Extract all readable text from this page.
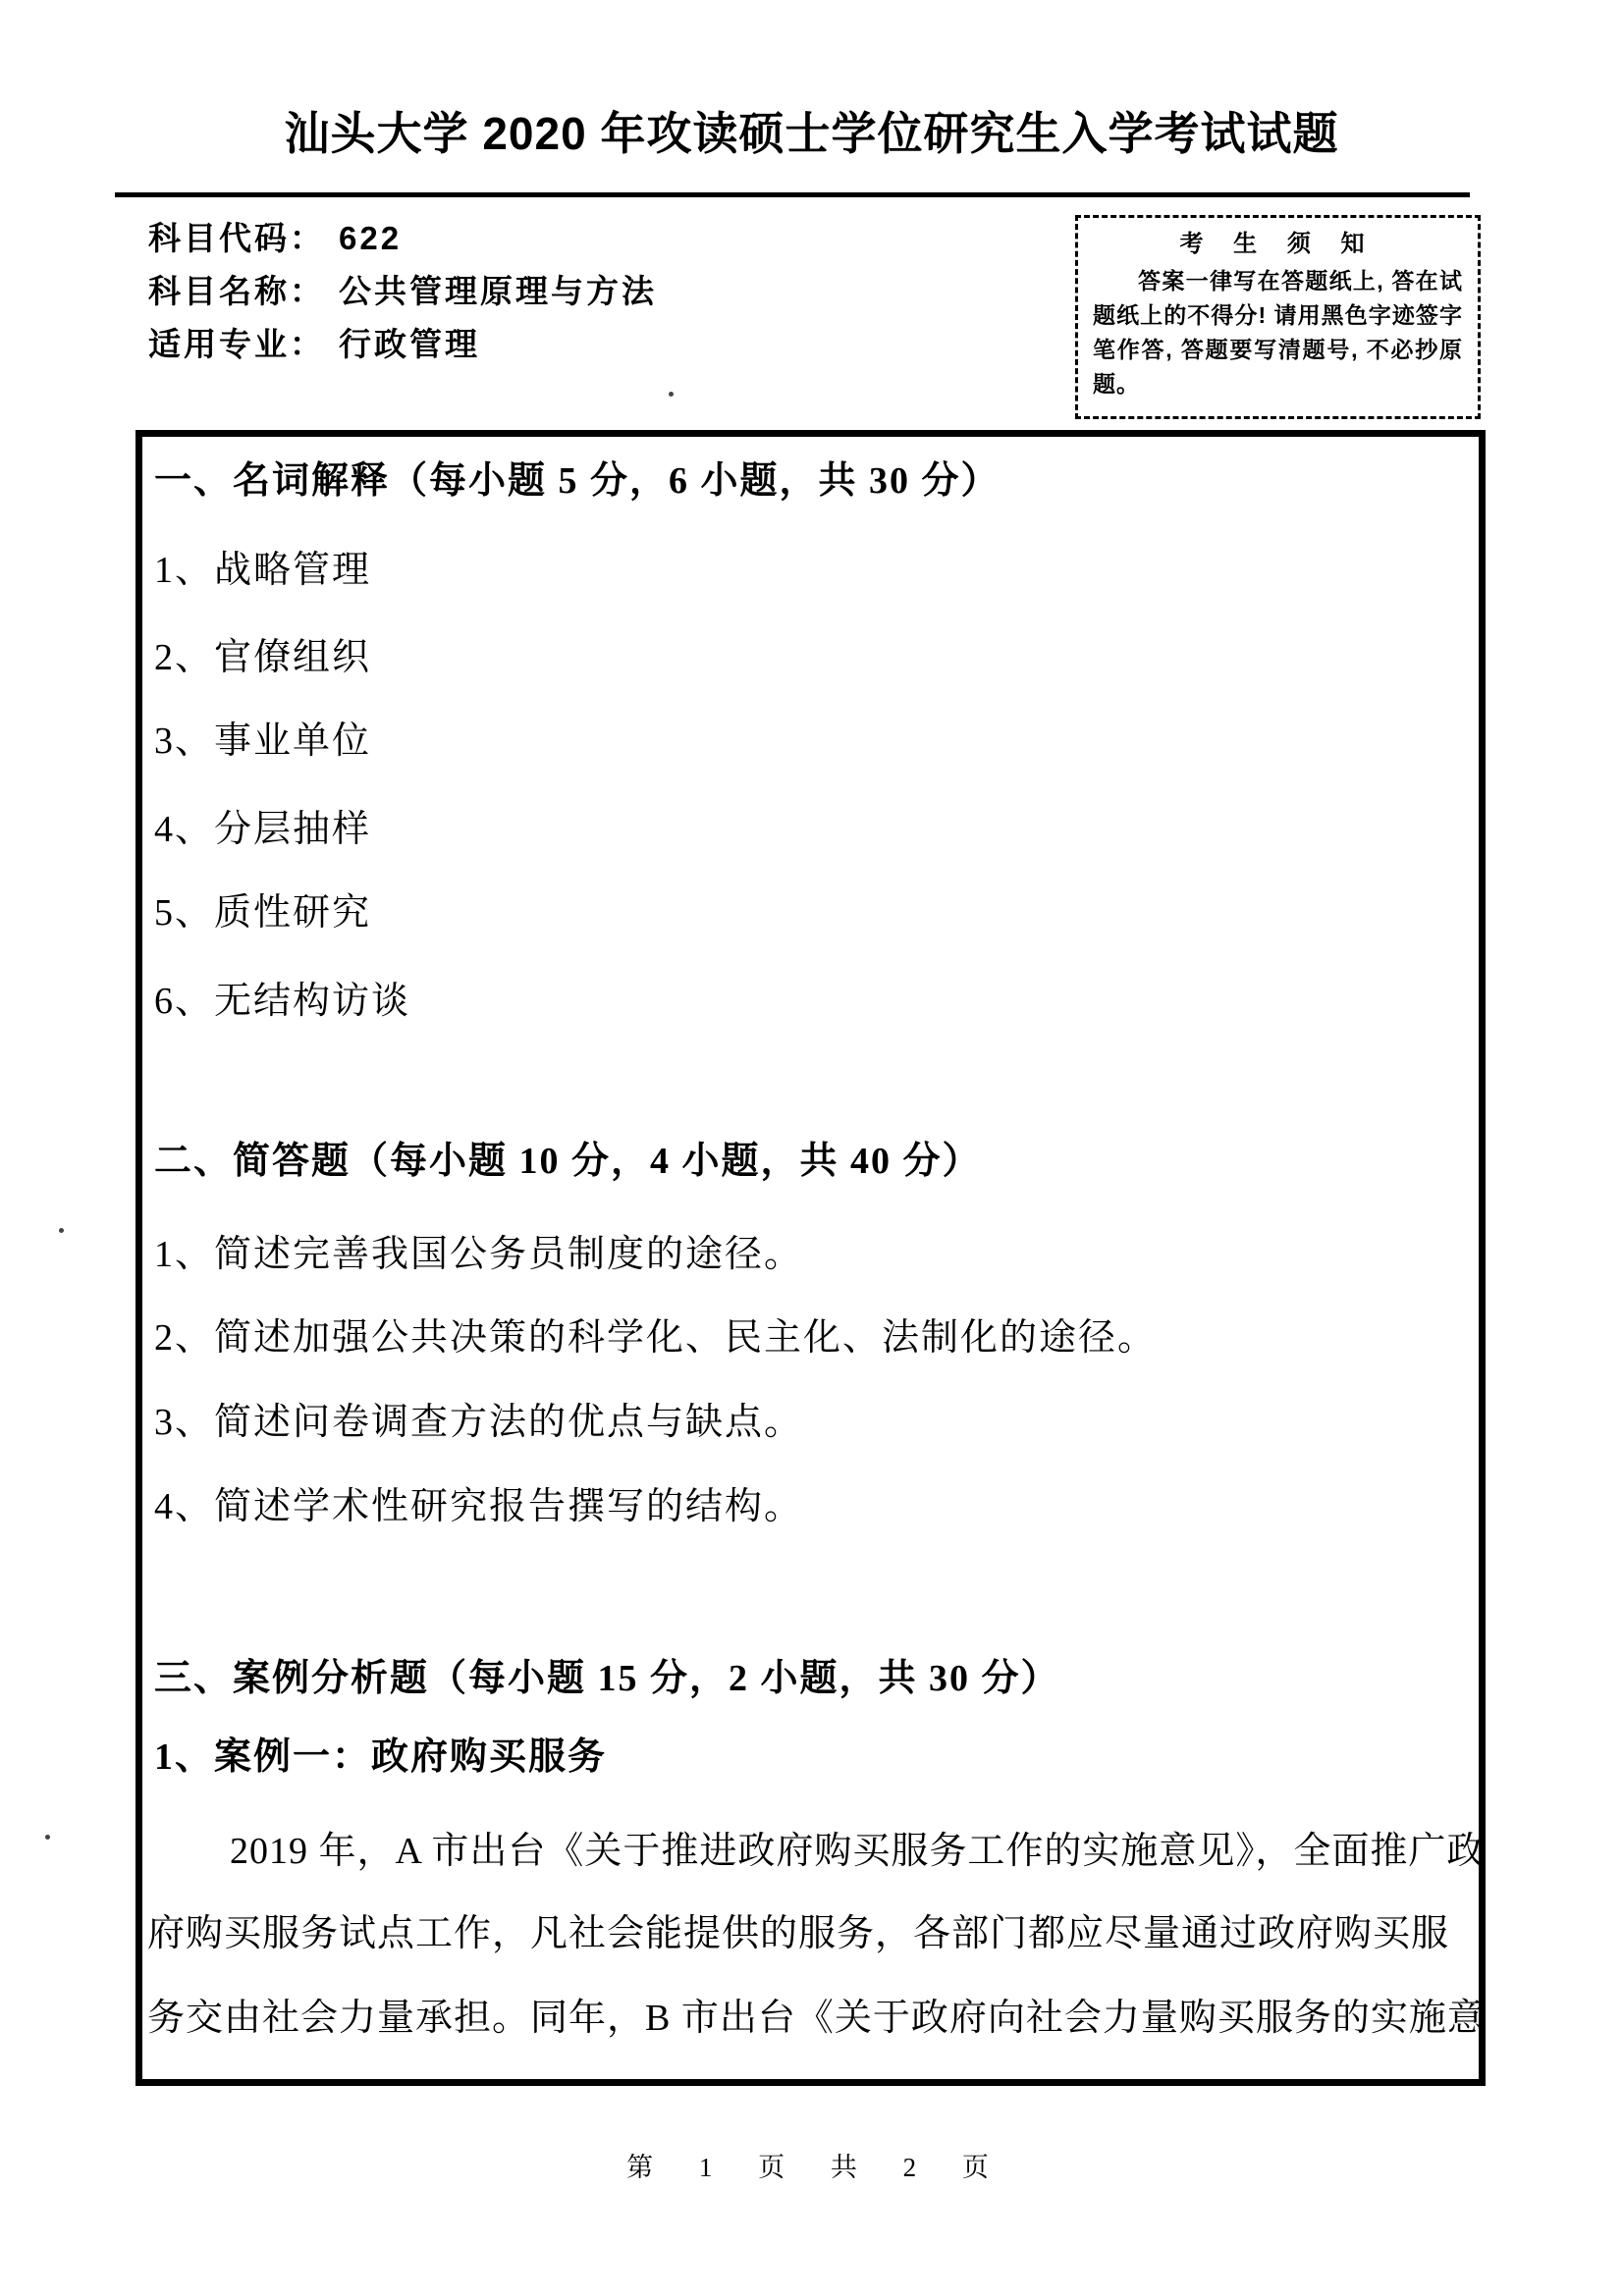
汕头大学 2020 年攻读硕士学位研究生入学考试试题
科目代码： 622
科目名称： 公共管理原理与方法
适用专业： 行政管理
考 生 须 知

答案一律写在答题纸上, 答在试题纸上的不得分! 请用黑色字迹签字笔作答, 答题要写清题号, 不必抄原题。

一、名词解释（每小题 5 分，6 小题，共 30 分）
1、战略管理
2、官僚组织
3、事业单位
4、分层抽样
5、质性研究
6、无结构访谈
二、简答题（每小题 10 分，4 小题，共 40 分）
1、简述完善我国公务员制度的途径。
2、简述加强公共决策的科学化、民主化、法制化的途径。
3、简述问卷调查方法的优点与缺点。
4、简述学术性研究报告撰写的结构。
三、案例分析题（每小题 15 分，2 小题，共 30 分）
1、案例一：政府购买服务
2019 年，A 市出台《关于推进政府购买服务工作的实施意见》，全面推广政
府购买服务试点工作，凡社会能提供的服务，各部门都应尽量通过政府购买服
务交由社会力量承担。同年，B 市出台《关于政府向社会力量购买服务的实施意
第 1 页 共 2 页
